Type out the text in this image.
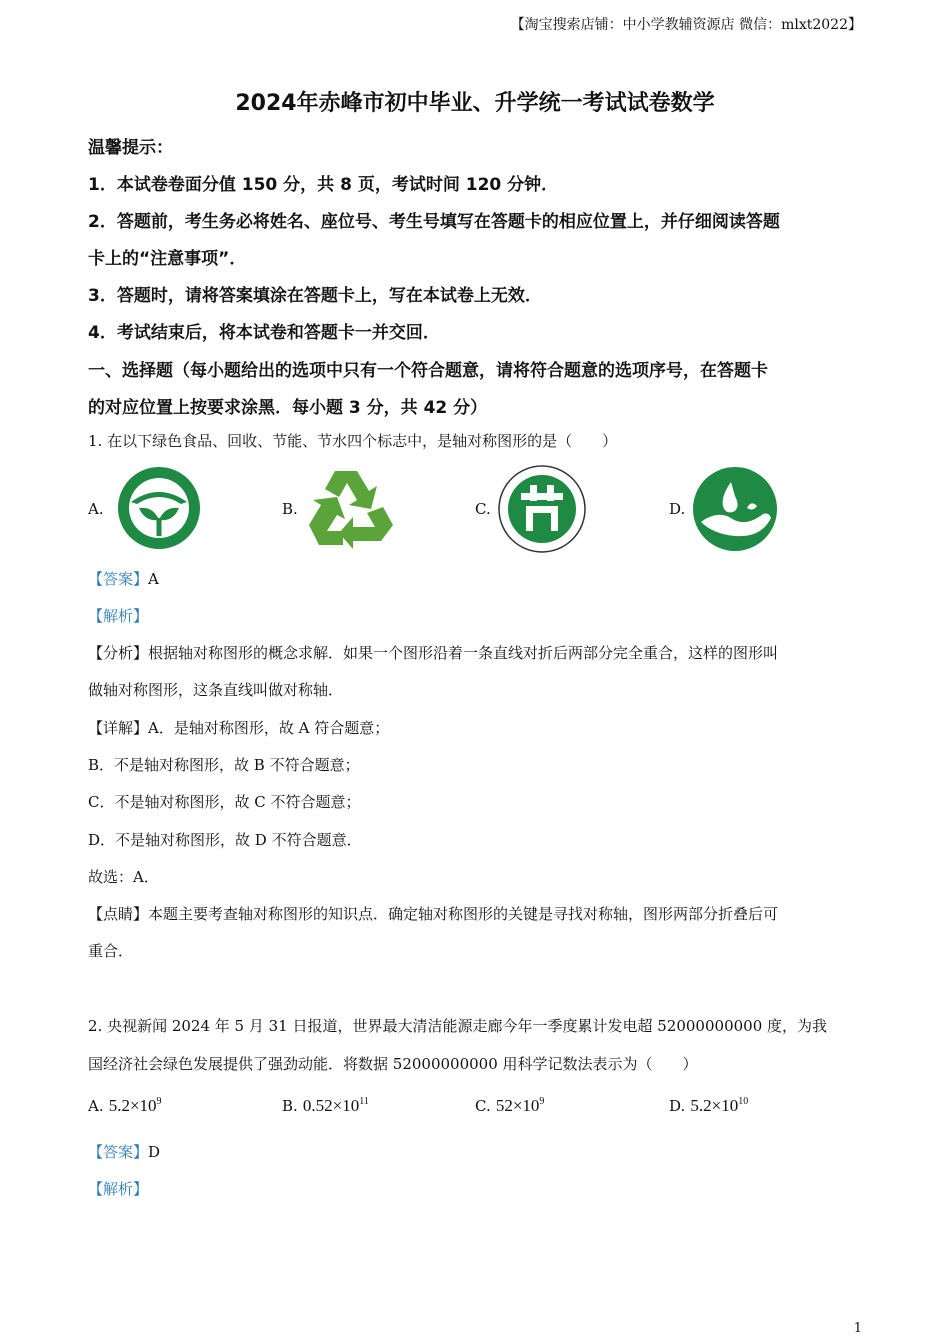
【淘宝搜索店铺：中小学教辅资源店 微信：mlxt2022】
2024年赤峰市初中毕业、升学统一考试试卷数学
温馨提示：
1．本试卷卷面分值 150 分，共 8 页，考试时间 120 分钟．
2．答题前，考生务必将姓名、座位号、考生号填写在答题卡的相应位置上，并仔细阅读答题
卡上的“注意事项”．
3．答题时，请将答案填涂在答题卡上，写在本试卷上无效．
4．考试结束后，将本试卷和答题卡一并交回．
一、选择题（每小题给出的选项中只有一个符合题意，请将符合题意的选项序号，在答题卡
的对应位置上按要求涂黑．每小题 3 分，共 42 分）
1. 在以下绿色食品、回收、节能、节水四个标志中，是轴对称图形的是（　　）
A.	B.	C.	D.
【答案】A
【解析】
【分析】根据轴对称图形的概念求解．如果一个图形沿着一条直线对折后两部分完全重合，这样的图形叫
做轴对称图形，这条直线叫做对称轴．
【详解】A．是轴对称图形，故 A 符合题意；
B．不是轴对称图形，故 B 不符合题意；
C．不是轴对称图形，故 C 不符合题意；
D．不是轴对称图形，故 D 不符合题意．
故选：A．
【点睛】本题主要考查轴对称图形的知识点．确定轴对称图形的关键是寻找对称轴，图形两部分折叠后可
重合．
2. 央视新闻 2024 年 5 月 31 日报道，世界最大清洁能源走廊今年一季度累计发电超 52000000000 度，为我
国经济社会绿色发展提供了强劲动能．将数据 52000000000 用科学记数法表示为（　　）
A. $5.2\times 10^9$	B. $0.52\times 10^{11}$	C. $52\times 10^9$	D. $5.2\times 10^{10}$
【答案】D
【解析】
1
